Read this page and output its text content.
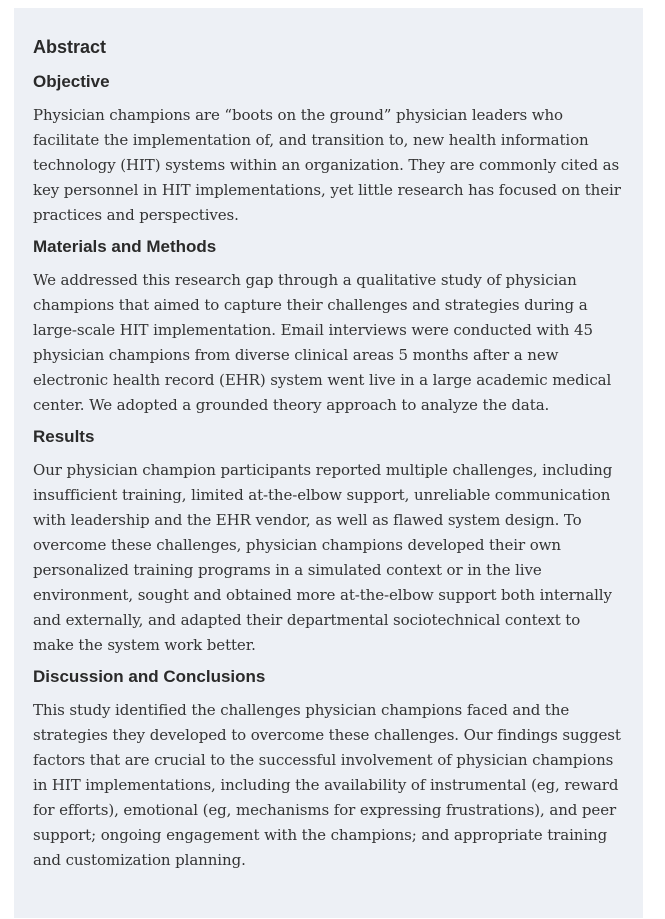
Abstract
Objective

Physician champions are “boots on the ground” physician leaders who facilitate the implementation of, and transition to, new health information technology (HIT) systems within an organization. They are commonly cited as key personnel in HIT implementations, yet little research has focused on their practices and perspectives.

Materials and Methods

We addressed this research gap through a qualitative study of physician champions that aimed to capture their challenges and strategies during a large-scale HIT implementation. Email interviews were conducted with 45 physician champions from diverse clinical areas 5 months after a new electronic health record (EHR) system went live in a large academic medical center. We adopted a grounded theory approach to analyze the data.

Results

Our physician champion participants reported multiple challenges, including insufficient training, limited at-the-elbow support, unreliable communication with leadership and the EHR vendor, as well as flawed system design. To overcome these challenges, physician champions developed their own personalized training programs in a simulated context or in the live environment, sought and obtained more at-the-elbow support both internally and externally, and adapted their departmental sociotechnical context to make the system work better.

Discussion and Conclusions

This study identified the challenges physician champions faced and the strategies they developed to overcome these challenges. Our findings suggest factors that are crucial to the successful involvement of physician champions in HIT implementations, including the availability of instrumental (eg, reward for efforts), emotional (eg, mechanisms for expressing frustrations), and peer support; ongoing engagement with the champions; and appropriate training and customization planning.
